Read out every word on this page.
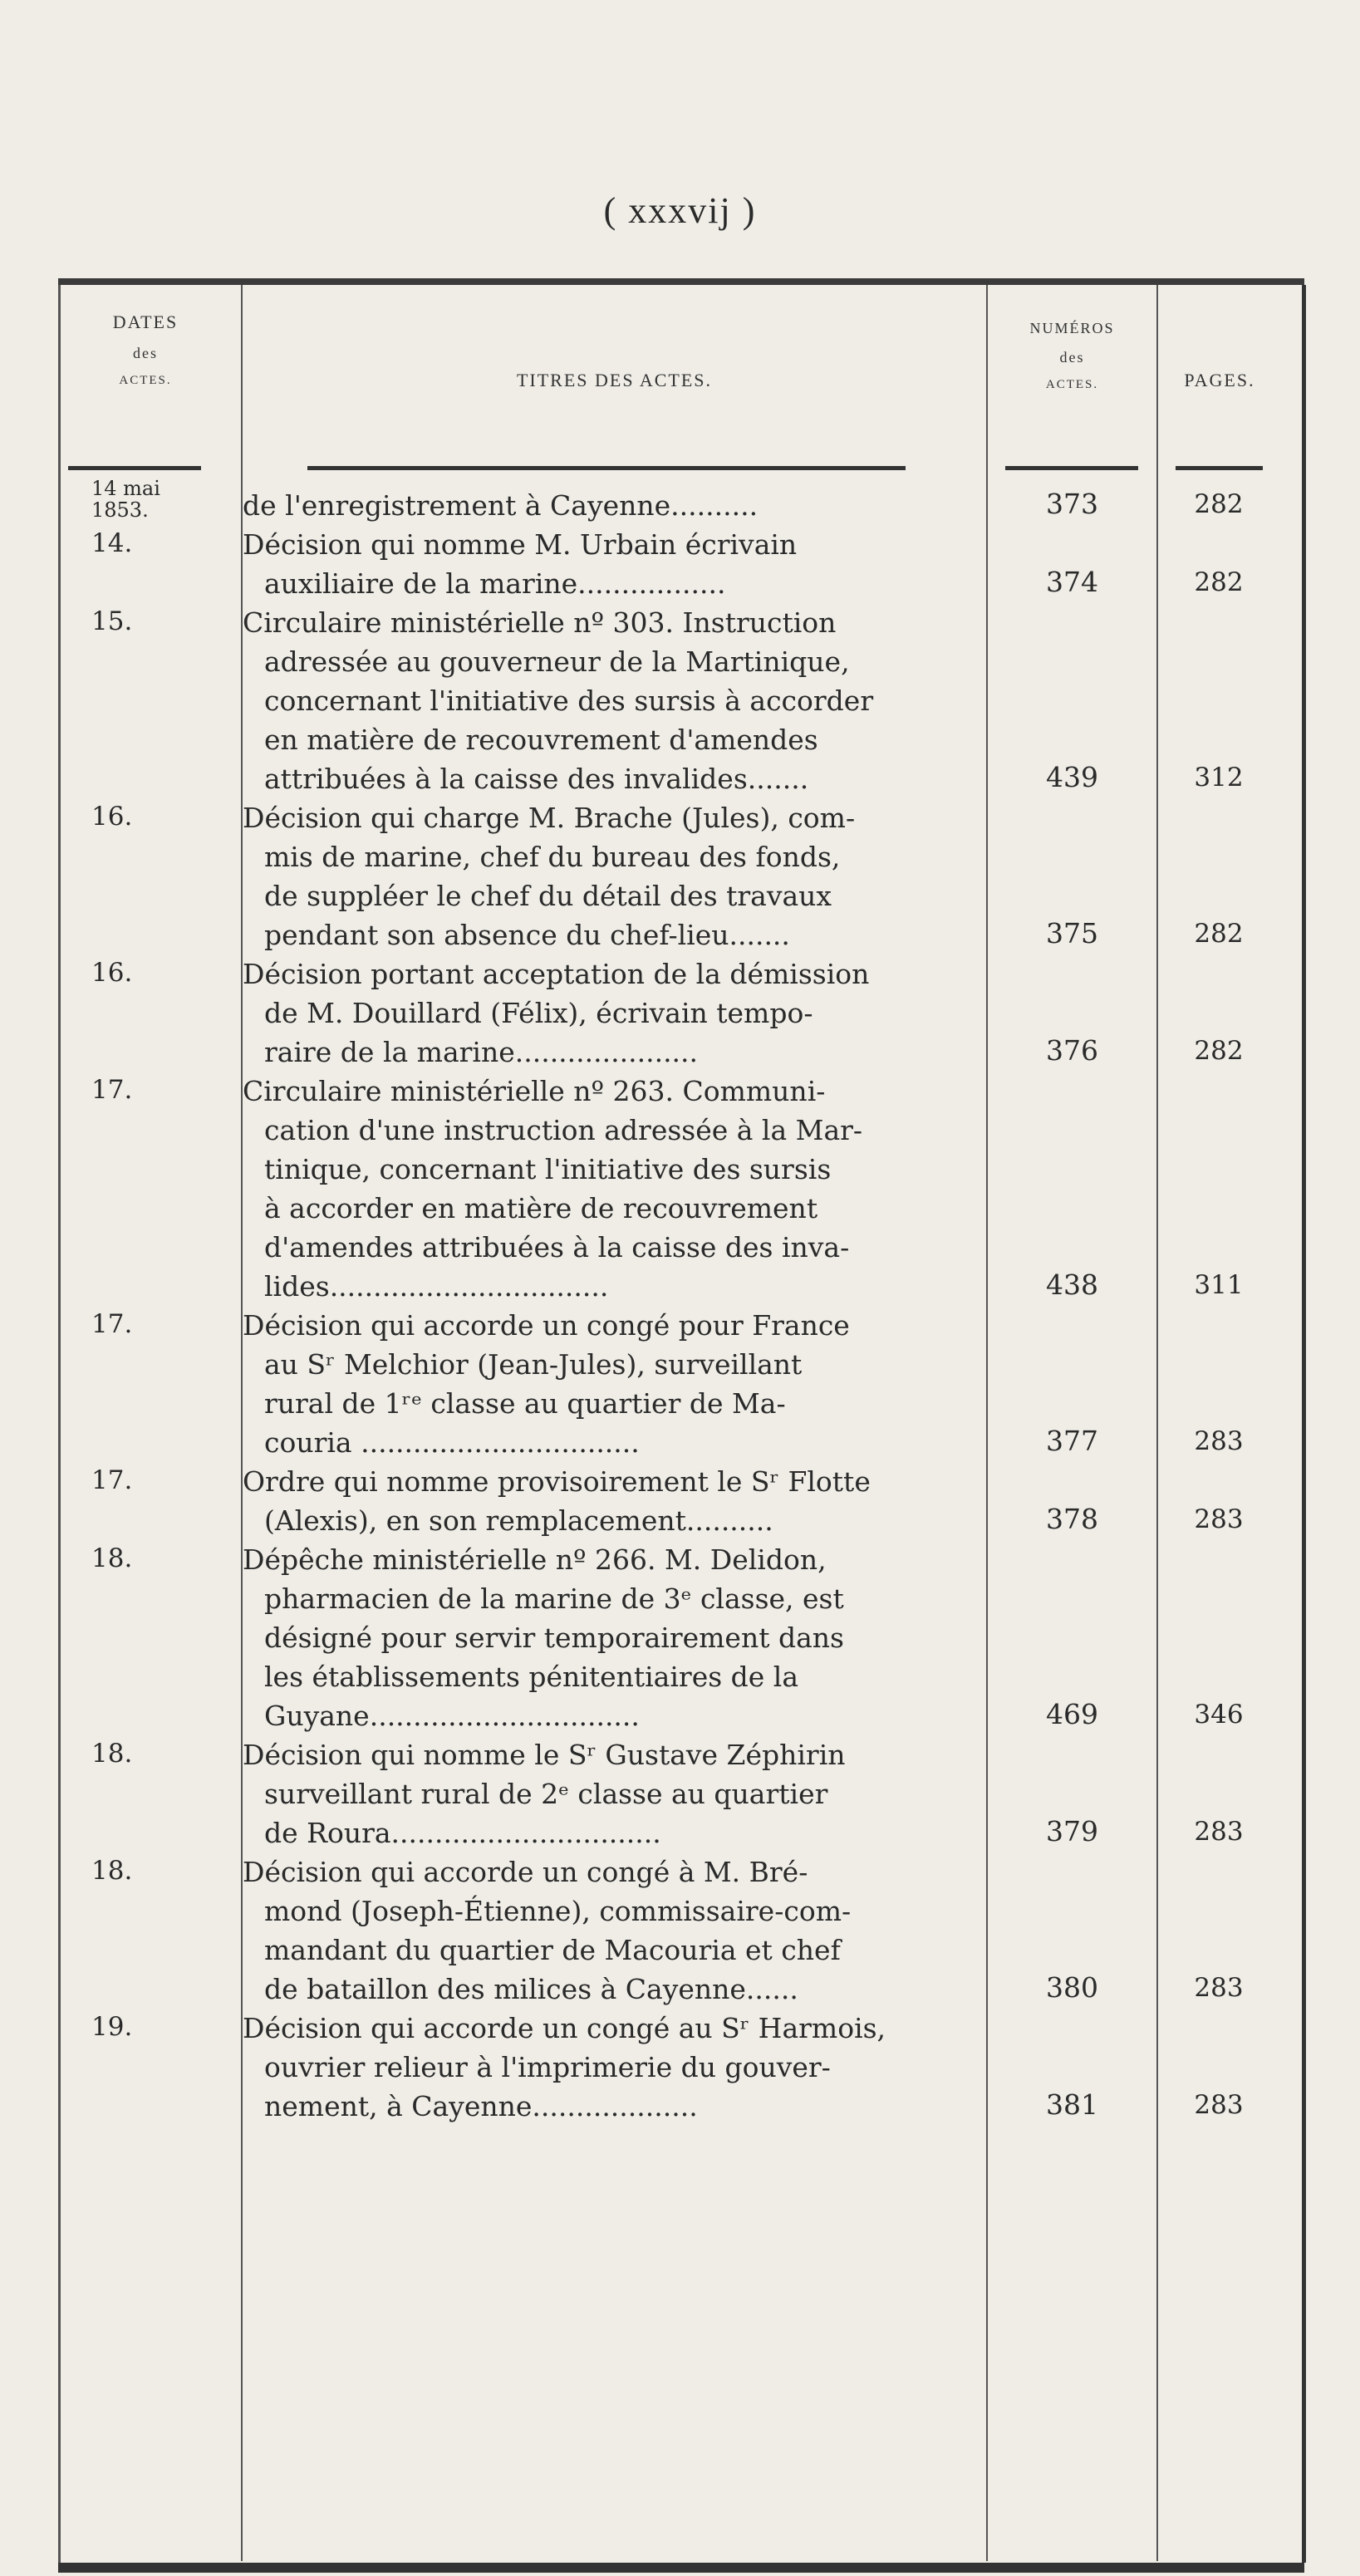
( xxxvij )
DATES
des
ACTES.	TITRES DES ACTES.
NUMÉROS
des
ACTES.	PAGES.
14 mai
1853.	de l'enregistrement à Cayenne..........	373	282
14.	Décision qui nomme M. Urbain écrivain
auxiliaire de la marine.................	374	282
15.	Circulaire ministérielle nº 303. Instruction
adressée au gouverneur de la Martinique,
concernant l'initiative des sursis à accorder
en matière de recouvrement d'amendes
attribuées à la caisse des invalides.......	439	312
16.	Décision qui charge M. Brache (Jules), com-
mis de marine, chef du bureau des fonds,
de suppléer le chef du détail des travaux
pendant son absence du chef-lieu.......	375	282
16.	Décision portant acceptation de la démission
de M. Douillard (Félix), écrivain tempo-
raire de la marine.....................	376	282
17.	Circulaire ministérielle nº 263. Communi-
cation d'une instruction adressée à la Mar-
tinique, concernant l'initiative des sursis
à accorder en matière de recouvrement
d'amendes attribuées à la caisse des inva-
lides................................	438	311
17.	Décision qui accorde un congé pour France
au Sʳ Melchior (Jean-Jules), surveillant
rural de 1ʳᵉ classe au quartier de Ma-
couria ................................	377	283
17.	Ordre qui nomme provisoirement le Sʳ Flotte
(Alexis), en son remplacement..........	378	283
18.	Dépêche ministérielle nº 266. M. Delidon,
pharmacien de la marine de 3ᵉ classe, est
désigné pour servir temporairement dans
les établissements pénitentiaires de la
Guyane...............................	469	346
18.	Décision qui nomme le Sʳ Gustave Zéphirin
surveillant rural de 2ᵉ classe au quartier
de Roura...............................	379	283
18.	Décision qui accorde un congé à M. Bré-
mond (Joseph-Étienne), commissaire-com-
mandant du quartier de Macouria et chef
de bataillon des milices à Cayenne......	380	283
19.	Décision qui accorde un congé au Sʳ Harmois,
ouvrier relieur à l'imprimerie du gouver-
nement, à Cayenne...................	381	283
